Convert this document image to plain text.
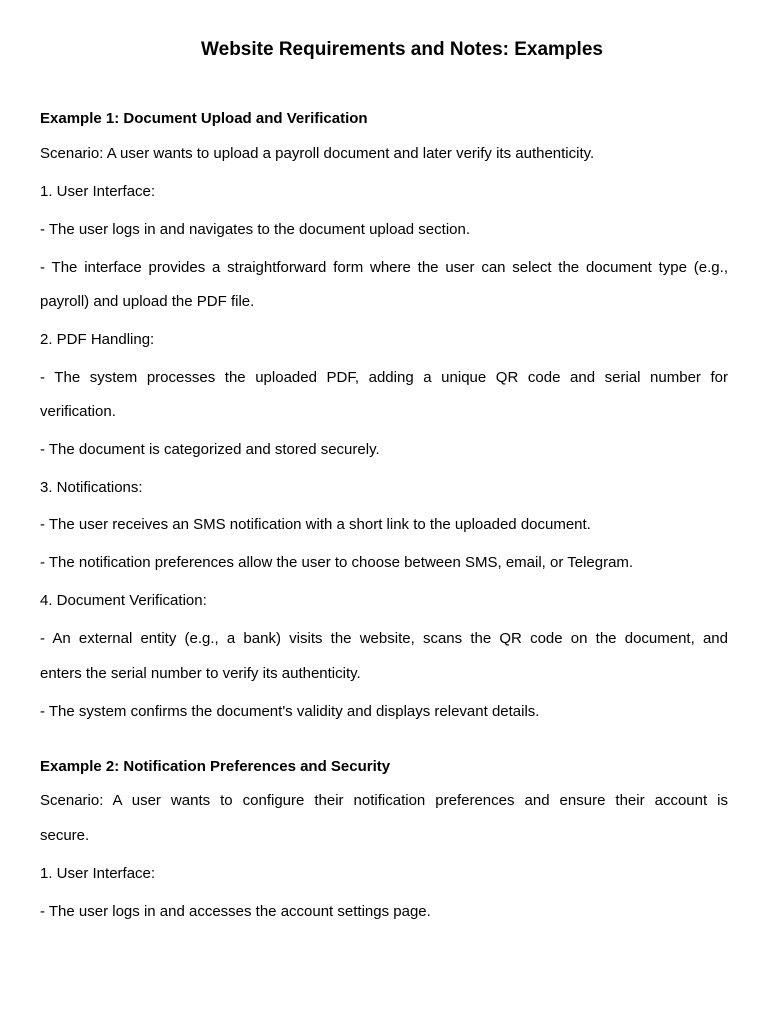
Website Requirements and Notes: Examples
Example 1: Document Upload and Verification
Scenario: A user wants to upload a payroll document and later verify its authenticity.
1. User Interface:
- The user logs in and navigates to the document upload section.
- The interface provides a straightforward form where the user can select the document type (e.g.,
payroll) and upload the PDF file.
2. PDF Handling:
- The system processes the uploaded PDF, adding a unique QR code and serial number for
verification.
- The document is categorized and stored securely.
3. Notifications:
- The user receives an SMS notification with a short link to the uploaded document.
- The notification preferences allow the user to choose between SMS, email, or Telegram.
4. Document Verification:
- An external entity (e.g., a bank) visits the website, scans the QR code on the document, and
enters the serial number to verify its authenticity.
- The system confirms the document's validity and displays relevant details.
Example 2: Notification Preferences and Security
Scenario: A user wants to configure their notification preferences and ensure their account is
secure.
1. User Interface:
- The user logs in and accesses the account settings page.
